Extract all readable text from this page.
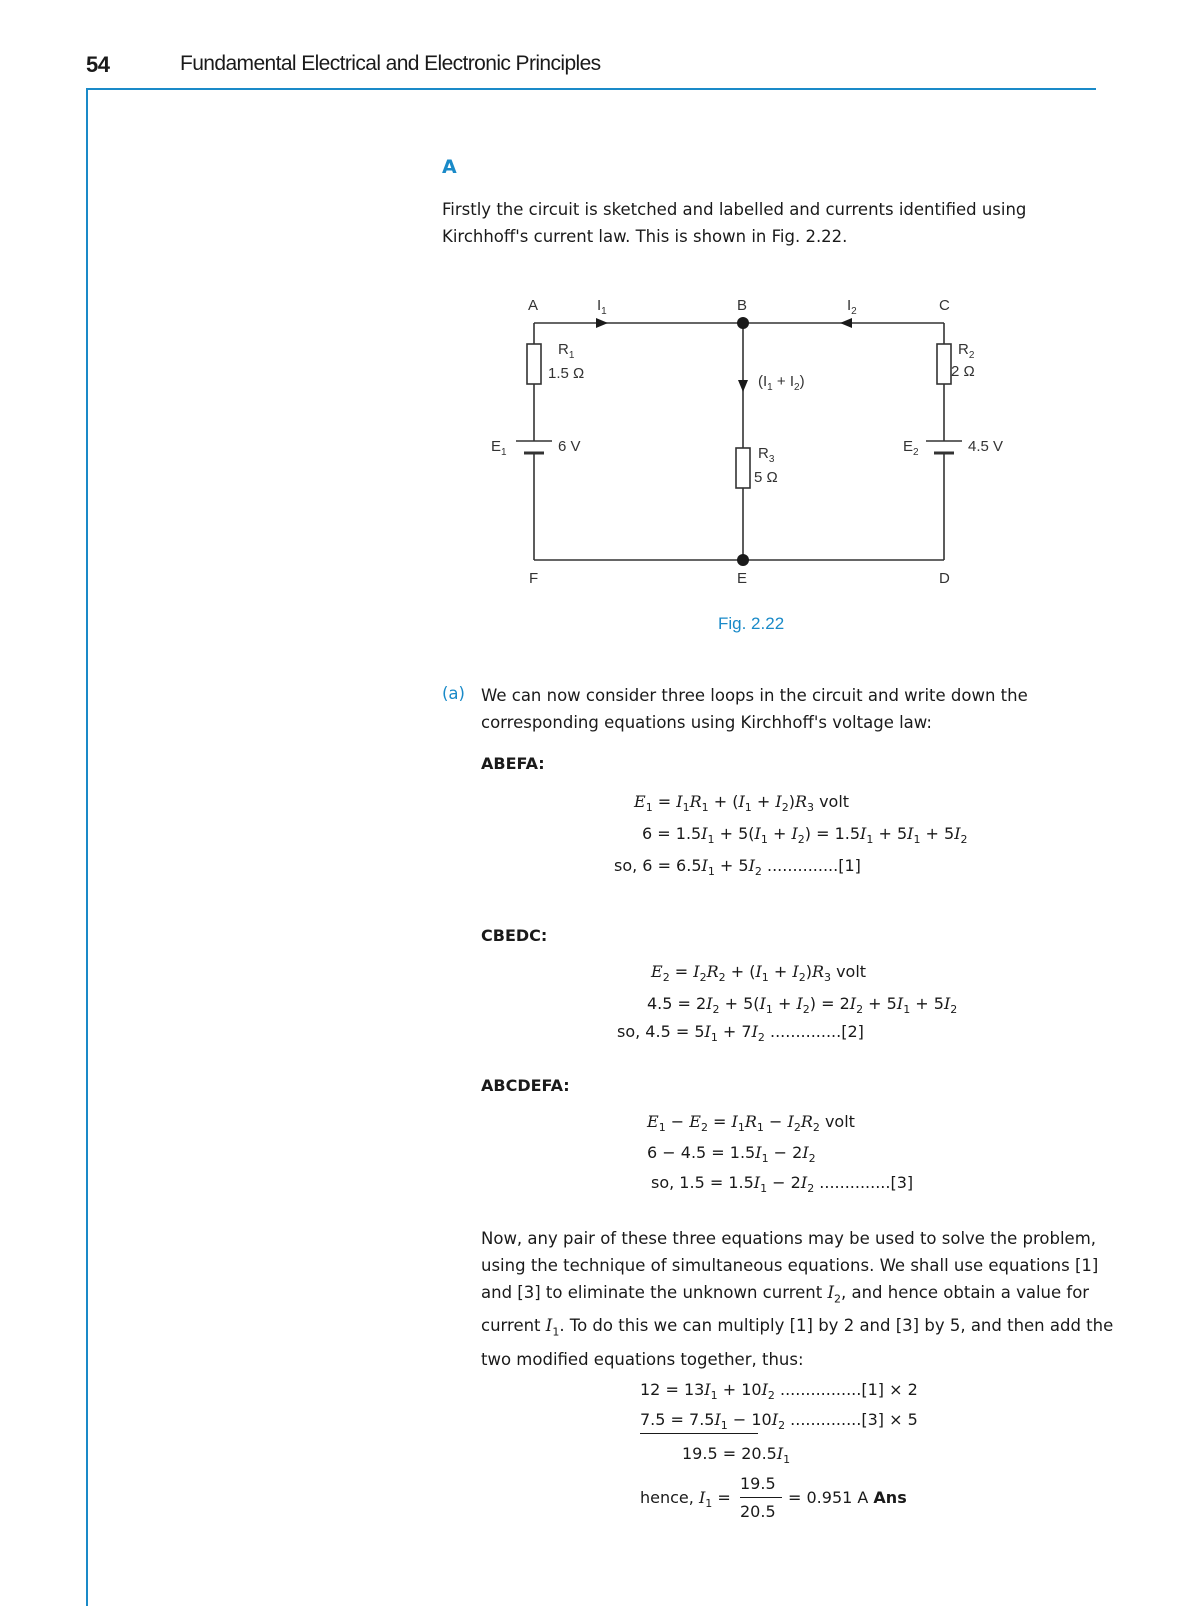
54	Fundamental Electrical and Electronic Principles
A
Firstly the circuit is sketched and labelled and currents identified using
Kirchhoff's current law. This is shown in Fig. 2.22.
A	B	C
D
E
F
$I_1$	$I_2$
$(I_1 + I_2)$
$R_1$
1.5 Ω
$R_2$
2 Ω
$R_3$
5 Ω
$E_1$	6 V	$E_2$	4.5 V
Fig. 2.22
(a) We can now consider three loops in the circuit and write down the
corresponding equations using Kirchhoff's voltage law:
ABEFA:
$E_1 = I_1R_1 + (I_1 + I_2)R_3$ volt
$6 = 1.5I_1 + 5(I_1 + I_2) = 1.5I_1 + 5I_1 + 5I_2$
so, $6 = 6.5I_1 + 5I_2$ ..............[1]
CBEDC:
$E_2 = I_2R_2 + (I_1 + I_2)R_3$ volt
$4.5 = 2I_2 + 5(I_1 + I_2) = 2I_2 + 5I_1 + 5I_2$
so, $4.5 = 5I_1 + 7I_2$ ..............[2]
ABCDEFA:
$E_1 - E_2 = I_1R_1 - I_2R_2$ volt
$6 - 4.5 = 1.5I_1 - 2I_2$
so, $1.5 = 1.5I_1 - 2I_2$ ..............[3]
Now, any pair of these three equations may be used to solve the problem,
using the technique of simultaneous equations. We shall use equations [1]
and [3] to eliminate the unknown current $I_2$, and hence obtain a value for
current $I_1$. To do this we can multiply [1] by 2 and [3] by 5, and then add the
two modified equations together, thus:
$12 = 13I_1 + 10I_2$ ................[1] × 2
$7.5 = 7.5I_1 - 10I_2$ ..............[3] × 5
$19.5 = 20.5I_1$
19.5
hence, $I_1$ =	= 0.951 A Ans
20.5
